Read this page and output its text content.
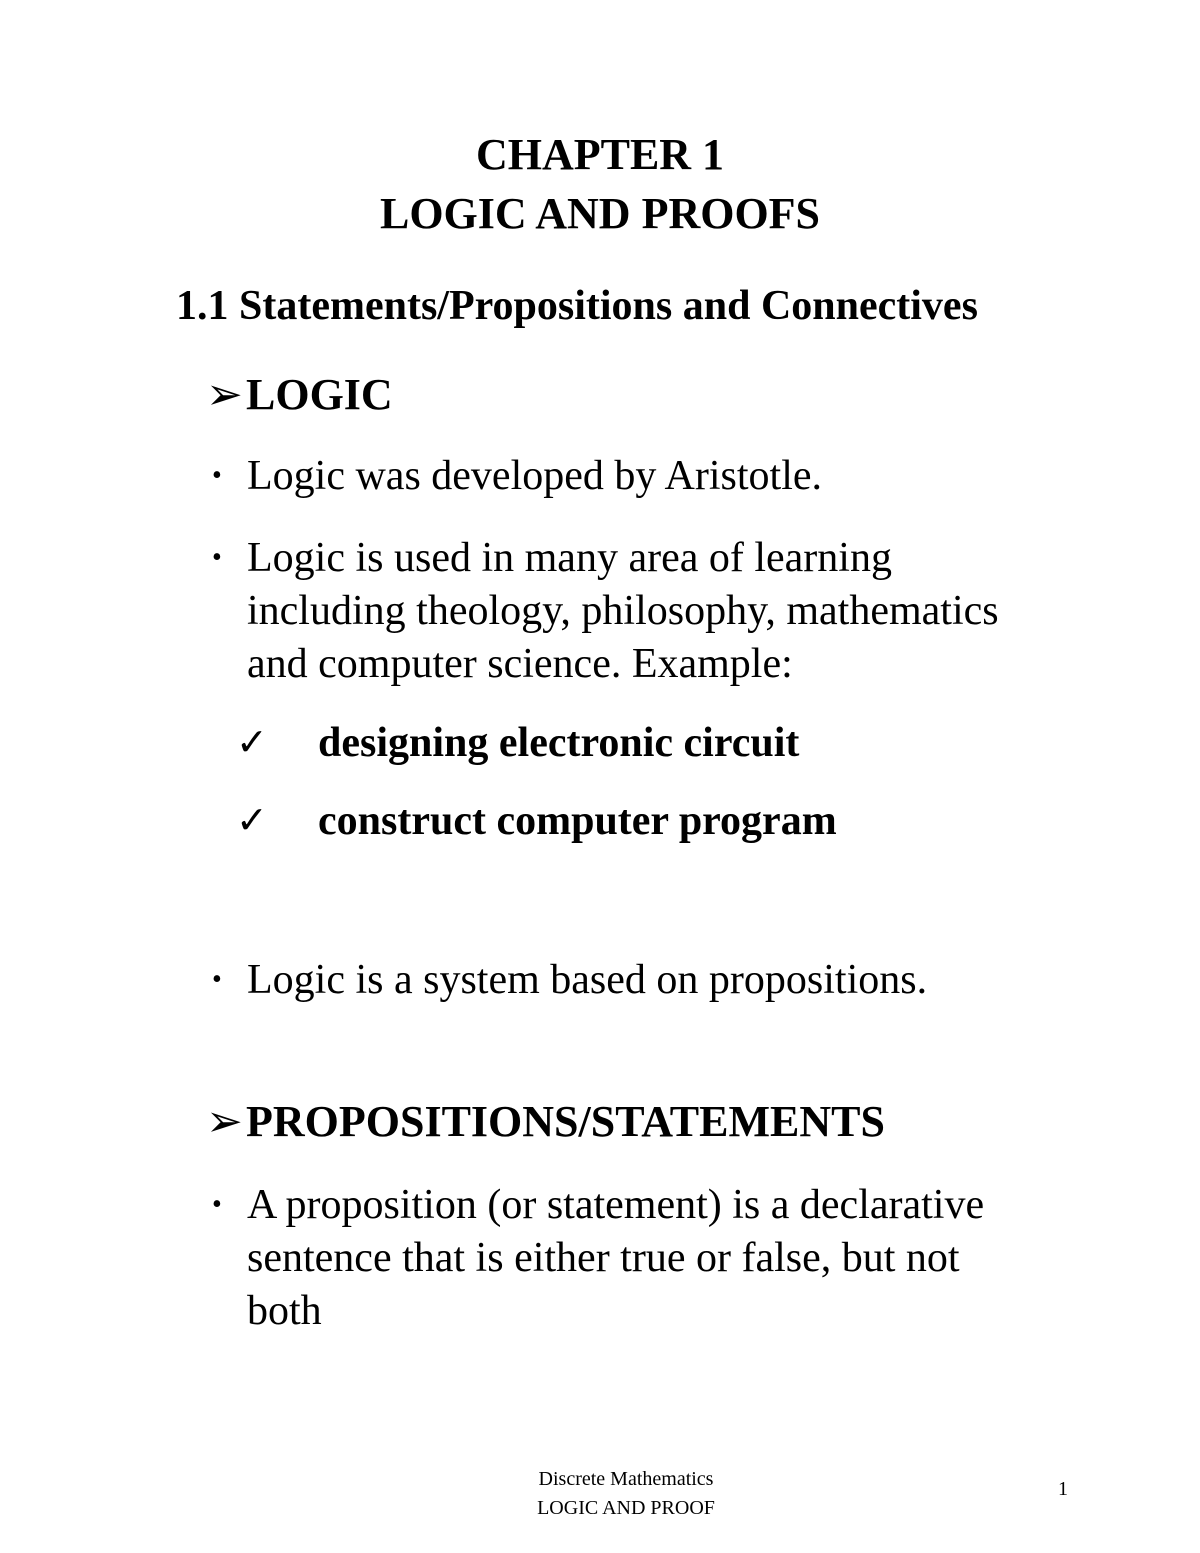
CHAPTER 1
LOGIC AND PROOFS
1.1 Statements/Propositions and Connectives
➢LOGIC
• Logic was developed by Aristotle.
• Logic is used in many area of learning
including theology, philosophy, mathematics
and computer science. Example:
✓ designing electronic circuit
✓ construct computer program
• Logic is a system based on propositions.
➢PROPOSITIONS/STATEMENTS
• A proposition (or statement) is a declarative
sentence that is either true or false, but not
both
Discrete Mathematics
LOGIC AND PROOF
1
